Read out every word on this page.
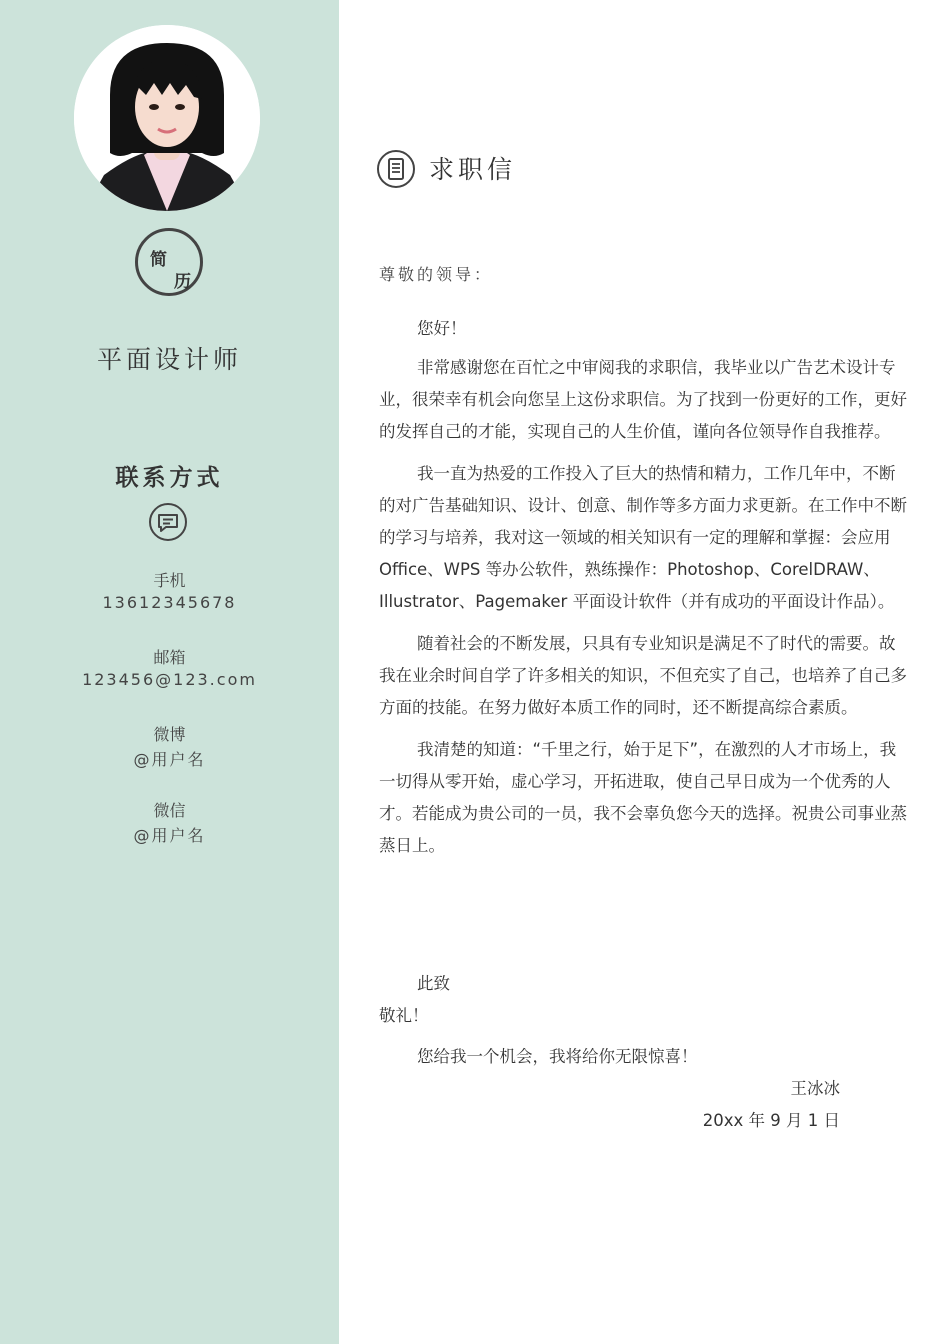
简
历
平面设计师
联系方式
手机
13612345678
邮箱
123456@123.com
微博
@用户名
微信
@用户名
求职信
尊敬的领导：
您好！

非常感谢您在百忙之中审阅我的求职信，我毕业以广告艺术设计专业，很荣幸有机会向您呈上这份求职信。为了找到一份更好的工作，更好的发挥自己的才能，实现自己的人生价值，谨向各位领导作自我推荐。

我一直为热爱的工作投入了巨大的热情和精力，工作几年中，不断的对广告基础知识、设计、创意、制作等多方面力求更新。在工作中不断的学习与培养，我对这一领域的相关知识有一定的理解和掌握：会应用 Office、WPS 等办公软件，熟练操作：Photoshop、CorelDRAW、Illustrator、Pagemaker 平面设计软件（并有成功的平面设计作品）。

随着社会的不断发展，只具有专业知识是满足不了时代的需要。故我在业余时间自学了许多相关的知识，不但充实了自己，也培养了自己多方面的技能。在努力做好本质工作的同时，还不断提高综合素质。

我清楚的知道：“千里之行，始于足下”，在激烈的人才市场上，我一切得从零开始，虚心学习，开拓进取，使自己早日成为一个优秀的人才。若能成为贵公司的一员，我不会辜负您今天的选择。祝贵公司事业蒸蒸日上。

此致
敬礼！
您给我一个机会，我将给你无限惊喜！
王冰冰
20xx 年 9 月 1 日
